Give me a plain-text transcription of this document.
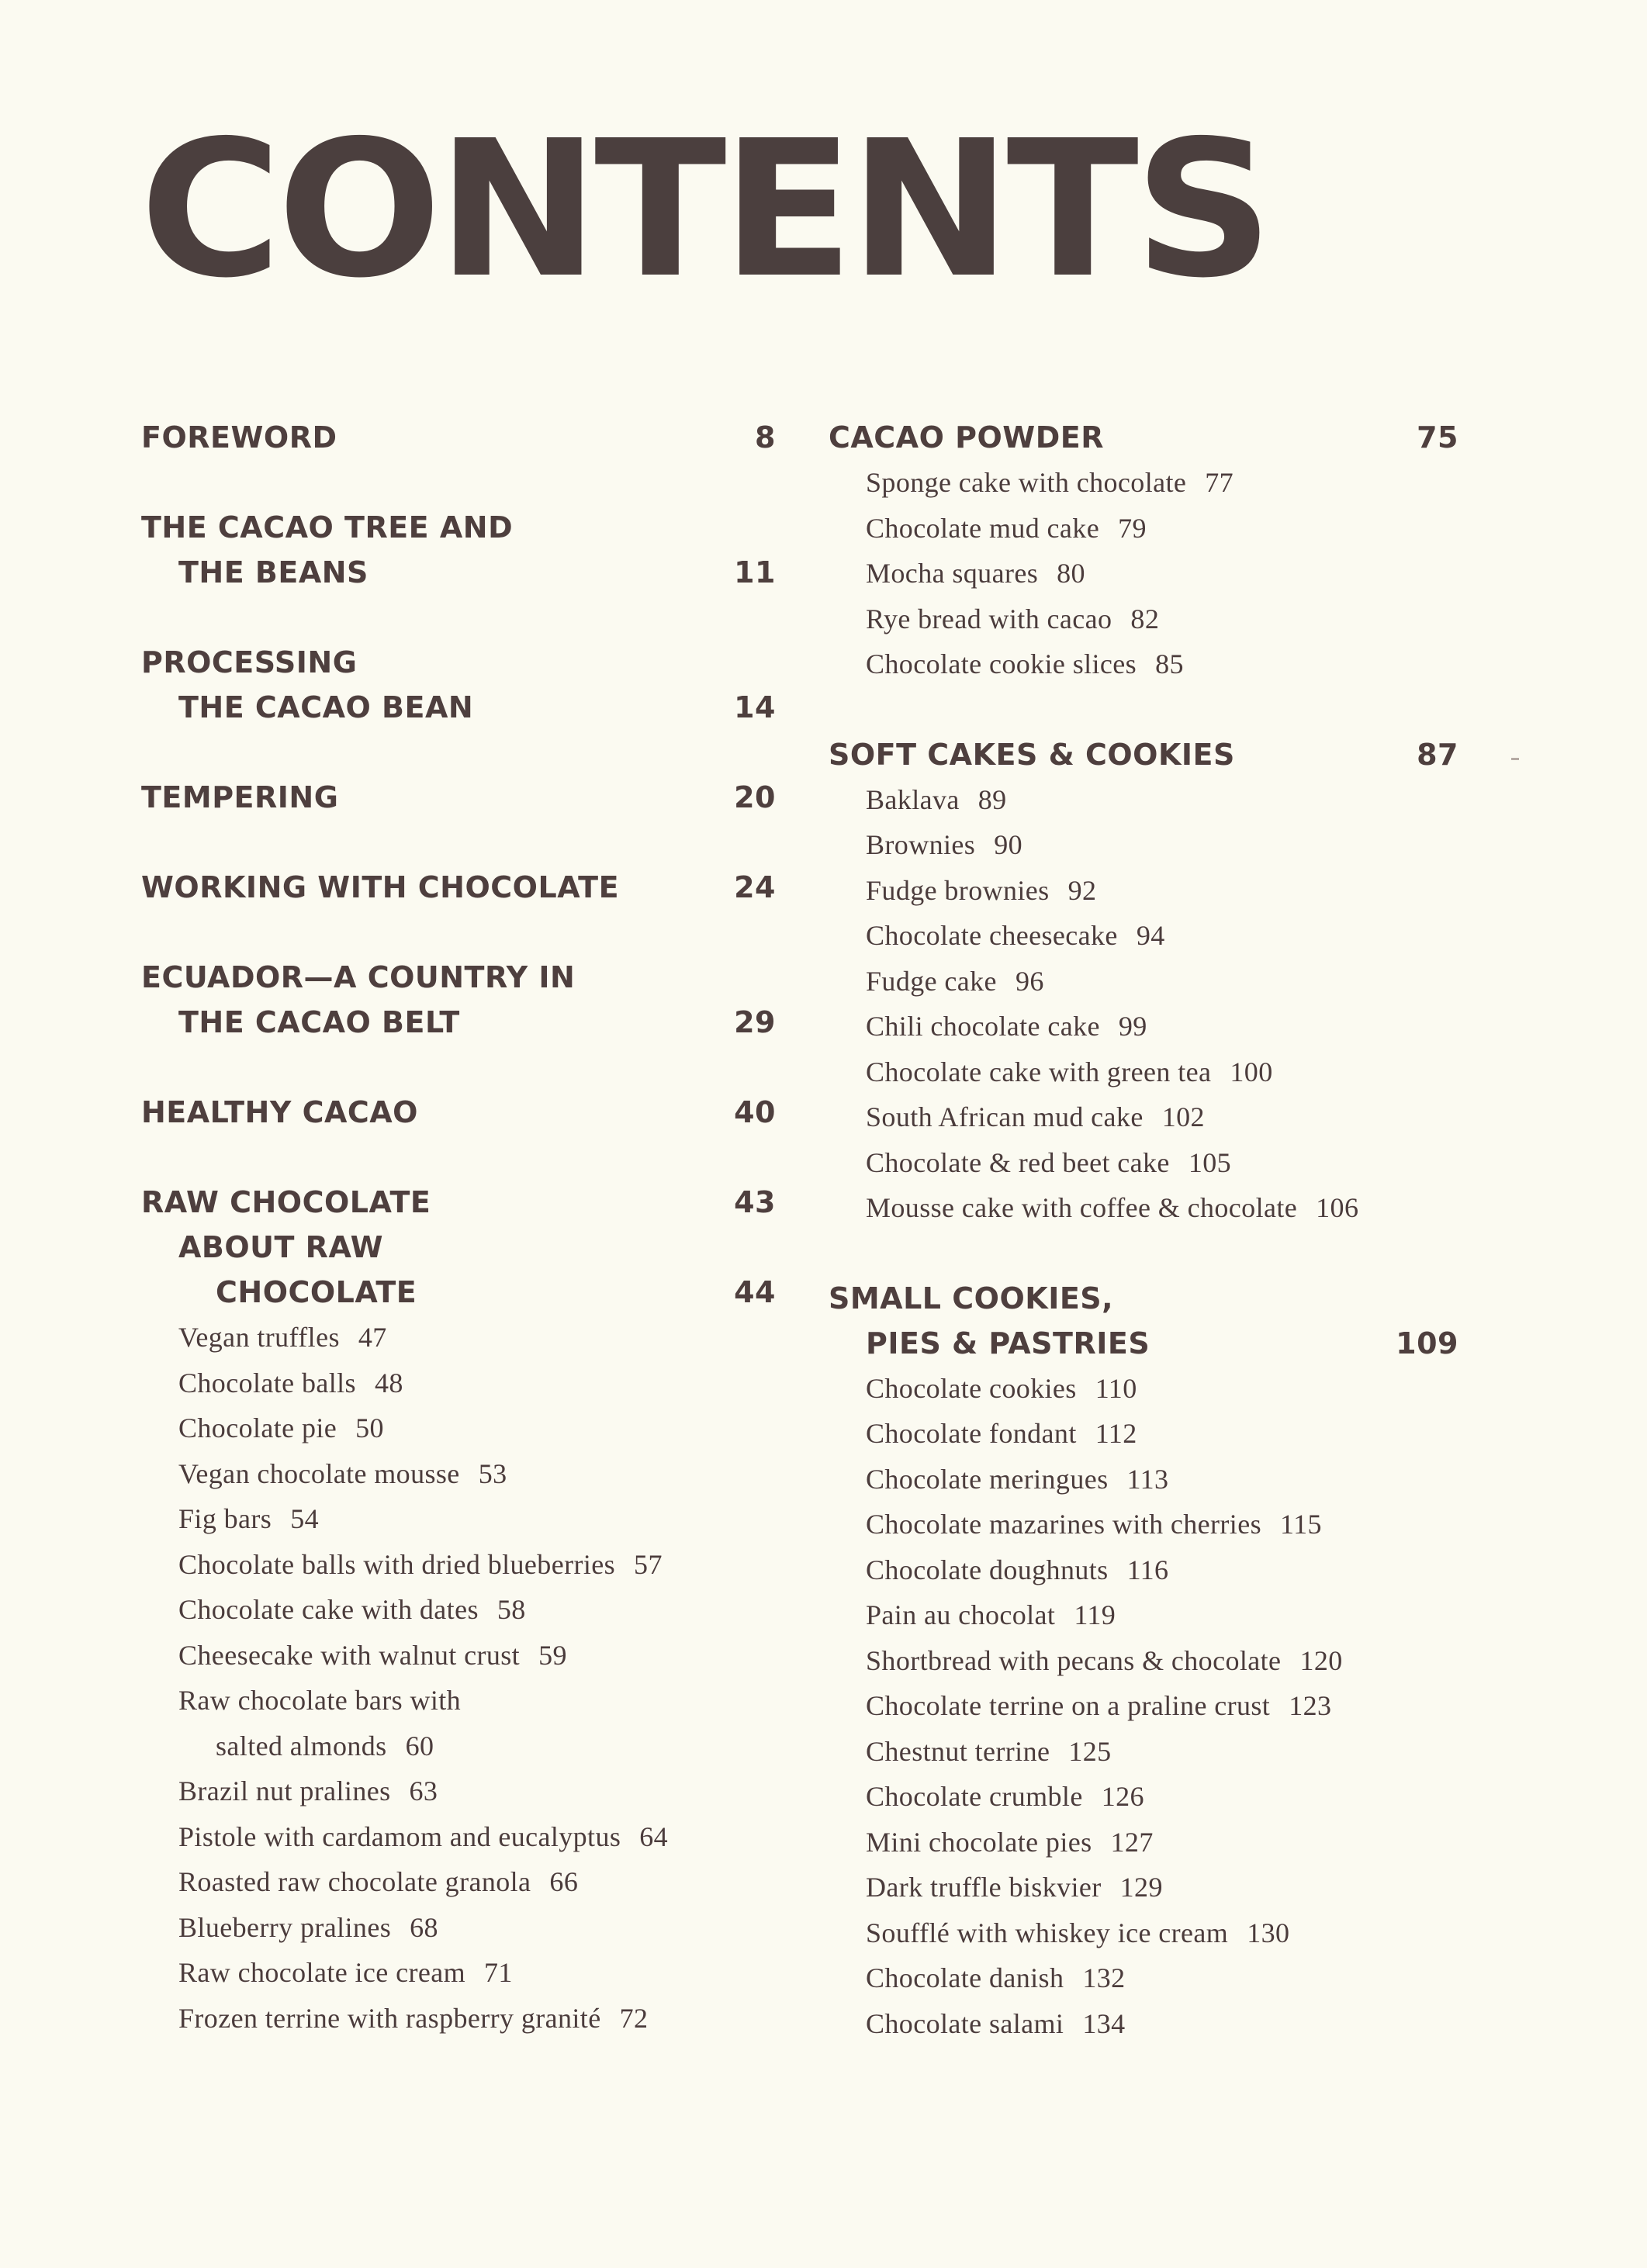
CONTENTS
FOREWORD	8
THE CACAO TREE AND
THE BEANS	11
PROCESSING
THE CACAO BEAN	14
TEMPERING	20
WORKING WITH CHOCOLATE	24
ECUADOR—A COUNTRY IN
THE CACAO BELT	29
HEALTHY CACAO	40
RAW CHOCOLATE	43
ABOUT RAW
CHOCOLATE	44
Vegan truffles 47
Chocolate balls 48
Chocolate pie 50
Vegan chocolate mousse 53
Fig bars 54
Chocolate balls with dried blueberries 57
Chocolate cake with dates 58
Cheesecake with walnut crust 59
Raw chocolate bars with
salted almonds 60
Brazil nut pralines 63
Pistole with cardamom and eucalyptus 64
Roasted raw chocolate granola 66
Blueberry pralines 68
Raw chocolate ice cream 71
Frozen terrine with raspberry granité 72
CACAO POWDER	75
Sponge cake with chocolate 77
Chocolate mud cake 79
Mocha squares 80
Rye bread with cacao 82
Chocolate cookie slices 85
SOFT CAKES & COOKIES	87
Baklava 89
Brownies 90
Fudge brownies 92
Chocolate cheesecake 94
Fudge cake 96
Chili chocolate cake 99
Chocolate cake with green tea 100
South African mud cake 102
Chocolate & red beet cake 105
Mousse cake with coffee & chocolate 106
SMALL COOKIES,
PIES & PASTRIES	109
Chocolate cookies 110
Chocolate fondant 112
Chocolate meringues 113
Chocolate mazarines with cherries 115
Chocolate doughnuts 116
Pain au chocolat 119
Shortbread with pecans & chocolate 120
Chocolate terrine on a praline crust 123
Chestnut terrine 125
Chocolate crumble 126
Mini chocolate pies 127
Dark truffle biskvier 129
Soufflé with whiskey ice cream 130
Chocolate danish 132
Chocolate salami 134
